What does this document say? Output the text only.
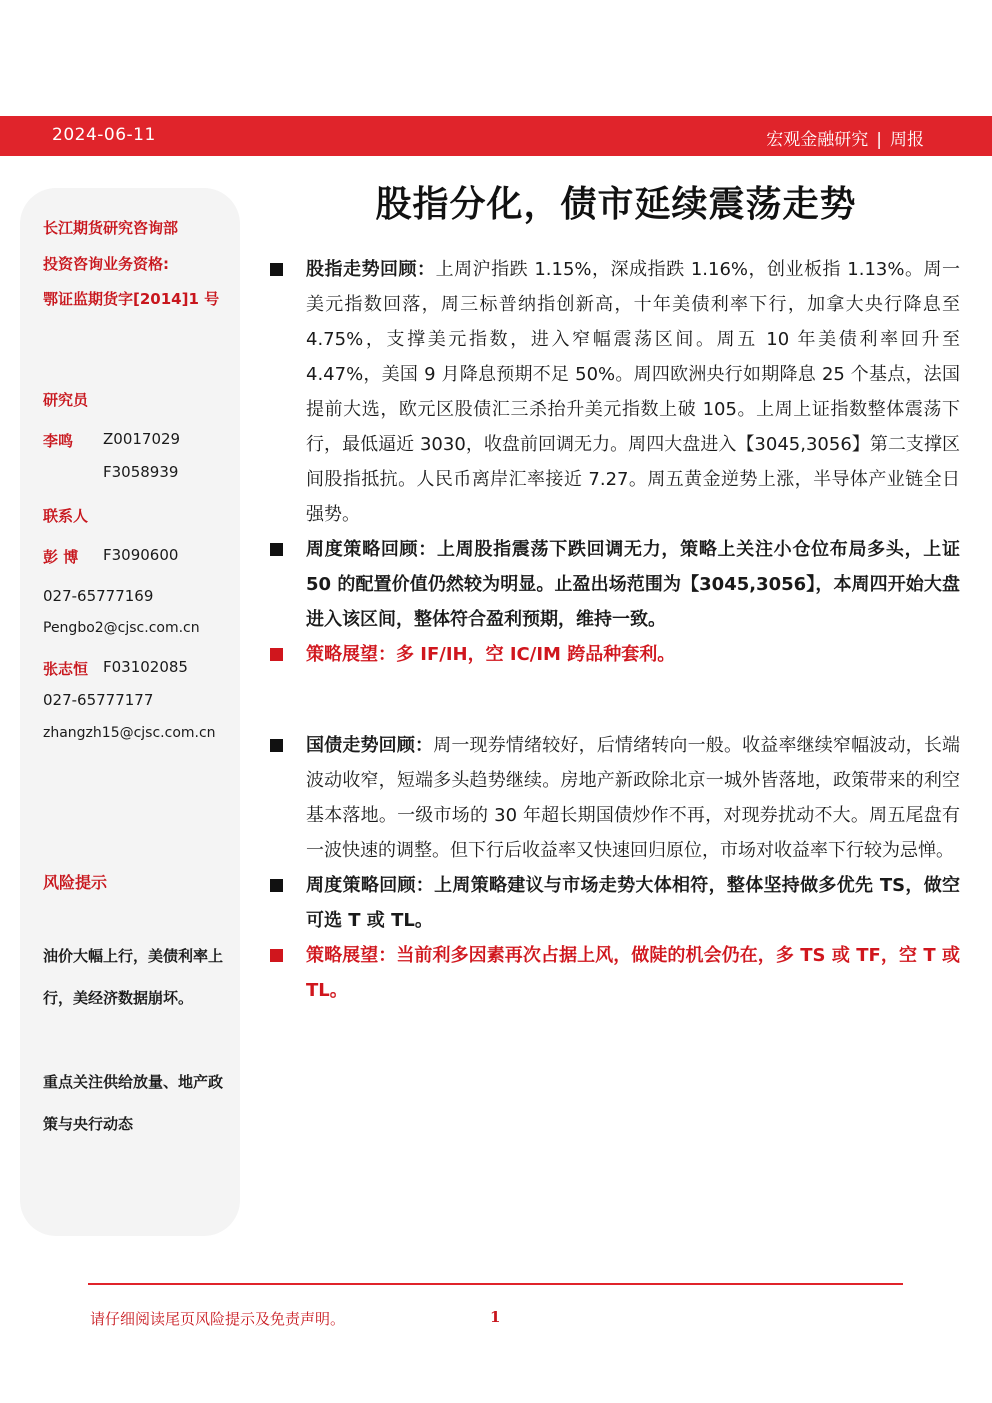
2024-06-11	宏观金融研究 | 周报
长江期货研究咨询部
投资咨询业务资格:
鄂证监期货字[2014]1 号
研究员
李鸣 Z0017029
F3058939
联系人
彭 博 F3090600
027-65777169
Pengbo2@cjsc.com.cn
张志恒 F03102085
027-65777177
zhangzh15@cjsc.com.cn
风险提示
油价大幅上行，美债利率上行，美经济数据崩坏。
重点关注供给放量、地产政策与央行动态
股指分化，债市延续震荡走势
股指走势回顾：上周沪指跌 1.15%，深成指跌 1.16%，创业板指 1.13%。周一美元指数回落，周三标普纳指创新高，十年美债利率下行，加拿大央行降息至 4.75%，支撑美元指数，进入窄幅震荡区间。周五 10 年美债利率回升至 4.47%，美国 9 月降息预期不足 50%。周四欧洲央行如期降息 25 个基点，法国提前大选，欧元区股债汇三杀抬升美元指数上破 105。上周上证指数整体震荡下行，最低逼近 3030，收盘前回调无力。周四大盘进入【3045,3056】第二支撑区间股指抵抗。人民币离岸汇率接近 7.27。周五黄金逆势上涨，半导体产业链全日强势。
周度策略回顾：上周股指震荡下跌回调无力，策略上关注小仓位布局多头，上证 50 的配置价值仍然较为明显。止盈出场范围为【3045,3056】，本周四开始大盘进入该区间，整体符合盈利预期，维持一致。
策略展望：多 IF/IH，空 IC/IM 跨品种套利。
国债走势回顾：周一现券情绪较好，后情绪转向一般。收益率继续窄幅波动，长端波动收窄，短端多头趋势继续。房地产新政除北京一城外皆落地，政策带来的利空基本落地。一级市场的 30 年超长期国债炒作不再，对现券扰动不大。周五尾盘有一波快速的调整。但下行后收益率又快速回归原位，市场对收益率下行较为忌惮。
周度策略回顾：上周策略建议与市场走势大体相符，整体坚持做多优先 TS，做空可选 T 或 TL。
策略展望：当前利多因素再次占据上风，做陡的机会仍在，多 TS 或 TF，空 T 或 TL。
请仔细阅读尾页风险提示及免责声明。	1
